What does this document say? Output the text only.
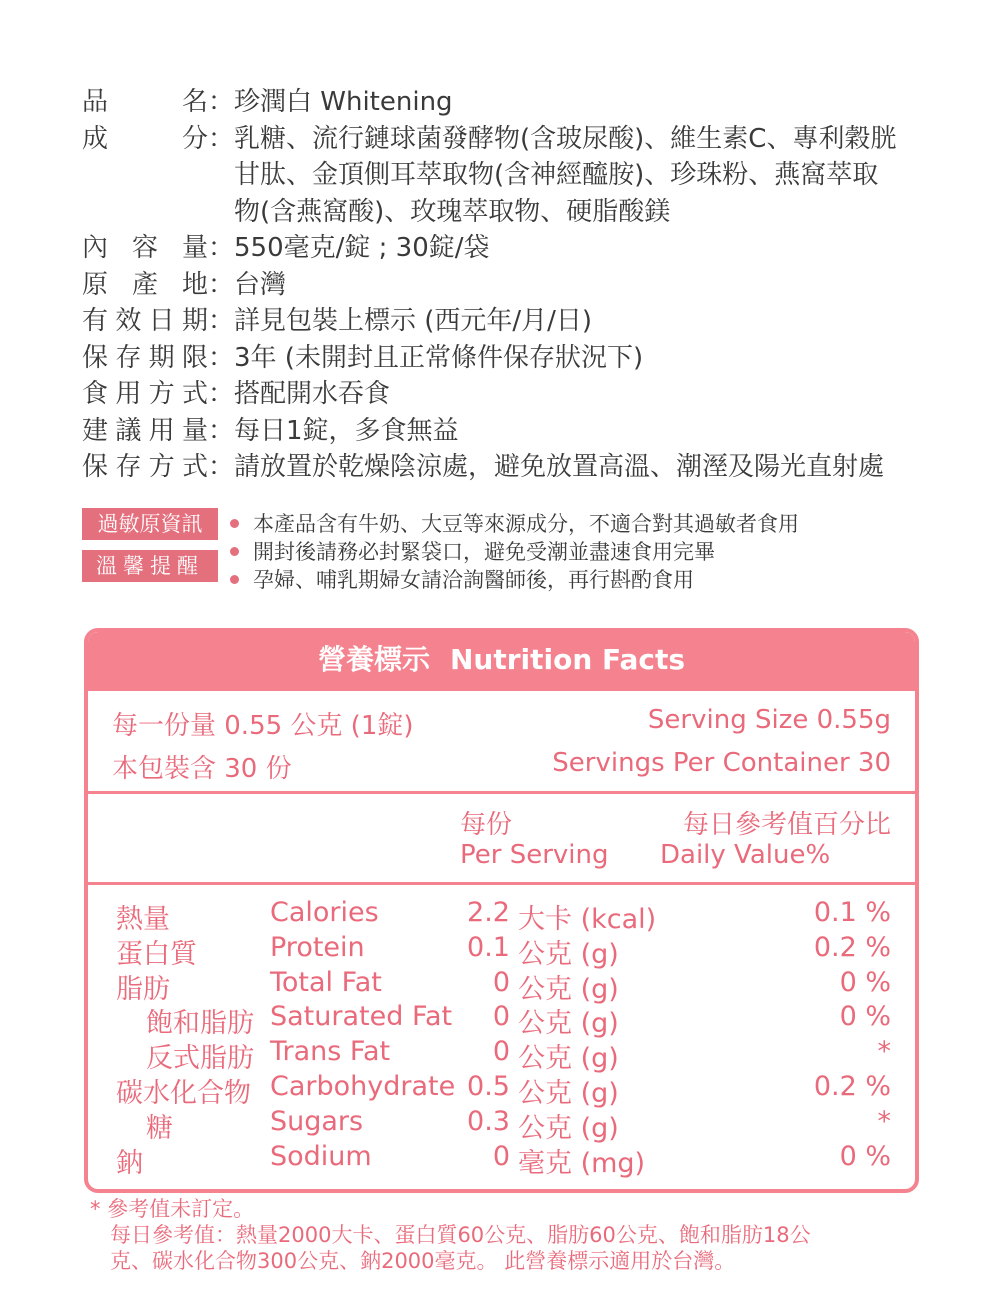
品	名 ： 珍潤白 Whitening
成	分 ： 乳糖、流行鏈球菌發酵物(含玻尿酸)、維生素C、專利穀胱
甘肽、金頂側耳萃取物(含神經醯胺)、珍珠粉、燕窩萃取
物(含燕窩酸)、玫瑰萃取物、硬脂酸鎂
內 容 量 ： 550毫克/錠 ; 30錠/袋
原 產 地 ： 台灣
有 效 日 期 ： 詳見包裝上標示 (西元年/月/日)
保 存 期 限 ： 3年 (未開封且正常條件保存狀況下)
食 用 方 式 ： 搭配開水吞食
建 議 用 量 ： 每日1錠，多食無益
保 存 方 式 ： 請放置於乾燥陰涼處，避免放置高溫、潮溼及陽光直射處
過敏原資訊
溫馨提醒
本產品含有牛奶、大豆等來源成分，不適合對其過敏者食用
開封後請務必封緊袋口，避免受潮並盡速食用完畢
孕婦、哺乳期婦女請洽詢醫師後，再行斟酌食用
營養標示 Nutrition Facts
每一份量 0.55 公克 (1錠)	Serving Size 0.55g
本包裝含 30 份	Servings Per Container 30
每份
Per Serving
每日參考值百分比
Daily Value%
熱量	Calories	2.2 大卡 (kcal)	0.1 %
蛋白質	Protein	0.1 公克 (g)	0.2 %
脂肪	Total Fat	0 公克 (g)	0 %
飽和脂肪 Saturated Fat	0 公克 (g)	0 %
反式脂肪 Trans Fat	0 公克 (g)	*
碳水化合物 Carbohydrate 0.5 公克 (g)	0.2 %
糖	Sugars	0.3 公克 (g)	*
鈉	Sodium	0 毫克 (mg)	0 %
* 參考值未訂定。
每日參考值：熱量2000大卡、蛋白質60公克、脂肪60公克、飽和脂肪18公
克、碳水化合物300公克、鈉2000毫克。 此營養標示適用於台灣。
